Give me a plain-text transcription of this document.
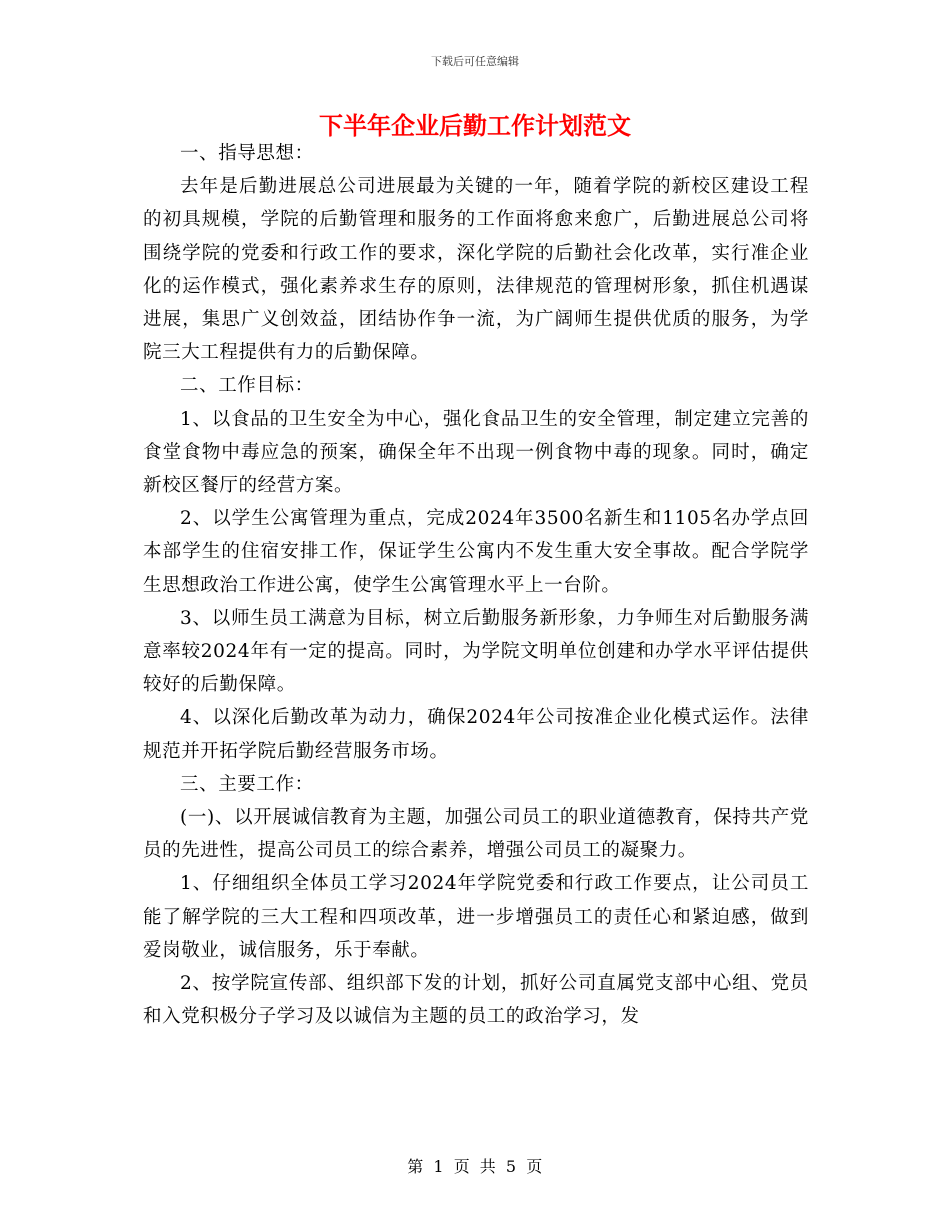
下载后可任意编辑
下半年企业后勤工作计划范文

一、指导思想：

去年是后勤进展总公司进展最为关键的一年，随着学院的新校区建设工程的初具规模，学院的后勤管理和服务的工作面将愈来愈广，后勤进展总公司将围绕学院的党委和行政工作的要求，深化学院的后勤社会化改革，实行准企业化的运作模式，强化素养求生存的原则，法律规范的管理树形象，抓住机遇谋进展，集思广义创效益，团结协作争一流，为广阔师生提供优质的服务，为学院三大工程提供有力的后勤保障。

二、工作目标：

1、以食品的卫生安全为中心，强化食品卫生的安全管理，制定建立完善的食堂食物中毒应急的预案，确保全年不出现一例食物中毒的现象。同时，确定新校区餐厅的经营方案。

2、以学生公寓管理为重点，完成2024年3500名新生和1105名办学点回本部学生的住宿安排工作，保证学生公寓内不发生重大安全事故。配合学院学生思想政治工作进公寓，使学生公寓管理水平上一台阶。

3、以师生员工满意为目标，树立后勤服务新形象，力争师生对后勤服务满意率较2024年有一定的提高。同时，为学院文明单位创建和办学水平评估提供较好的后勤保障。

4、以深化后勤改革为动力，确保2024年公司按准企业化模式运作。法律规范并开拓学院后勤经营服务市场。

三、主要工作：

(一)、以开展诚信教育为主题，加强公司员工的职业道德教育，保持共产党员的先进性，提高公司员工的综合素养，增强公司员工的凝聚力。

1、仔细组织全体员工学习2024年学院党委和行政工作要点，让公司员工能了解学院的三大工程和四项改革，进一步增强员工的责任心和紧迫感，做到爱岗敬业，诚信服务，乐于奉献。

2、按学院宣传部、组织部下发的计划，抓好公司直属党支部中心组、党员和入党积极分子学习及以诚信为主题的员工的政治学习，发

第 1 页 共 5 页
